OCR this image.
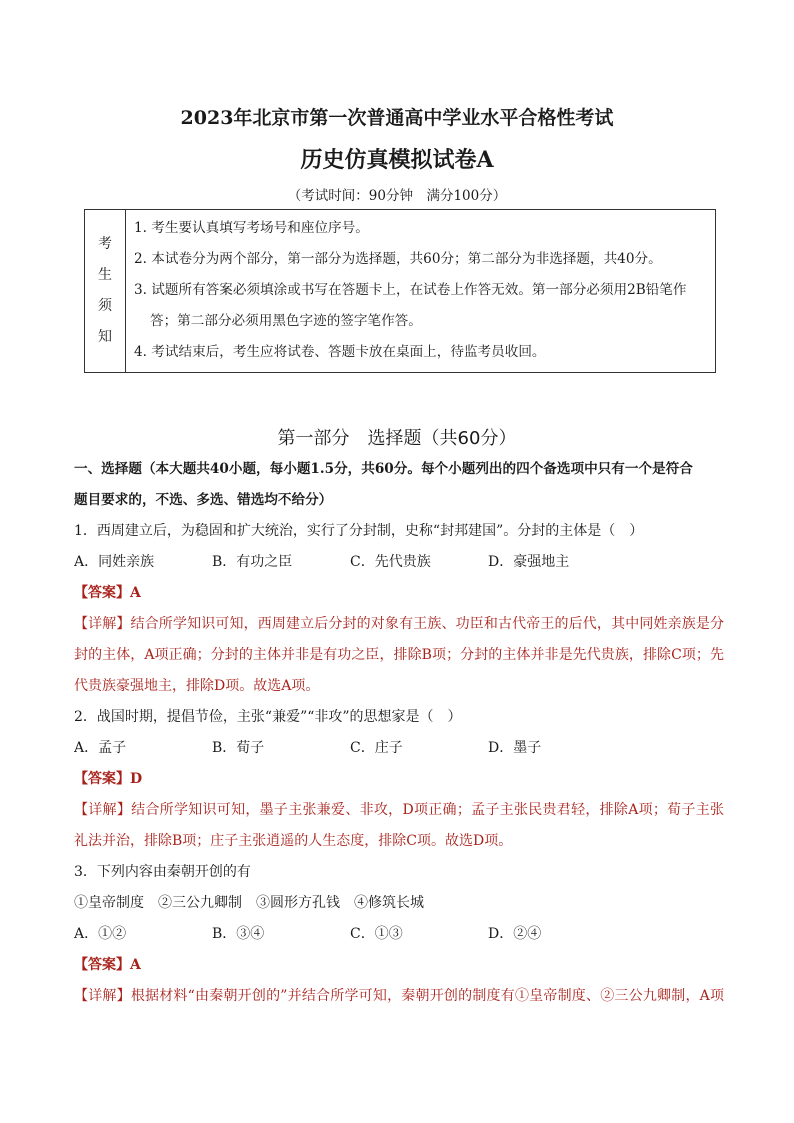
2023年北京市第一次普通高中学业水平合格性考试
历史仿真模拟试卷A
（考试时间：90分钟　满分100分）
考
生
须
知
1. 考生要认真填写考场号和座位序号。
2. 本试卷分为两个部分，第一部分为选择题，共60分；第二部分为非选择题，共40分。
3. 试题所有答案必须填涂或书写在答题卡上，在试卷上作答无效。第一部分必须用2B铅笔作
答；第二部分必须用黑色字迹的签字笔作答。
4. 考试结束后，考生应将试卷、答题卡放在桌面上，待监考员收回。
第一部分　选择题（共60分）
一、选择题（本大题共40小题，每小题1.5分，共60分。每个小题列出的四个备选项中只有一个是符合
题目要求的，不选、多选、错选均不给分）
1．西周建立后，为稳固和扩大统治，实行了分封制，史称“封邦建国”。分封的主体是（　）
A．同姓亲族	B．有功之臣	C．先代贵族	D．豪强地主
【答案】A
【详解】结合所学知识可知，西周建立后分封的对象有王族、功臣和古代帝王的后代，其中同姓亲族是分
封的主体，A项正确；分封的主体并非是有功之臣，排除B项；分封的主体并非是先代贵族，排除C项；先
代贵族豪强地主，排除D项。故选A项。
2．战国时期，提倡节俭，主张“兼爱”“非攻”的思想家是（　）
A．孟子	B．荀子	C．庄子	D．墨子
【答案】D
【详解】结合所学知识可知，墨子主张兼爱、非攻，D项正确；孟子主张民贵君轻，排除A项；荀子主张
礼法并治，排除B项；庄子主张逍遥的人生态度，排除C项。故选D项。
3．下列内容由秦朝开创的有
①皇帝制度　②三公九卿制　③圆形方孔钱　④修筑长城
A．①②	B．③④	C．①③	D．②④
【答案】A
【详解】根据材料“由秦朝开创的”并结合所学可知，秦朝开创的制度有①皇帝制度、②三公九卿制，A项
